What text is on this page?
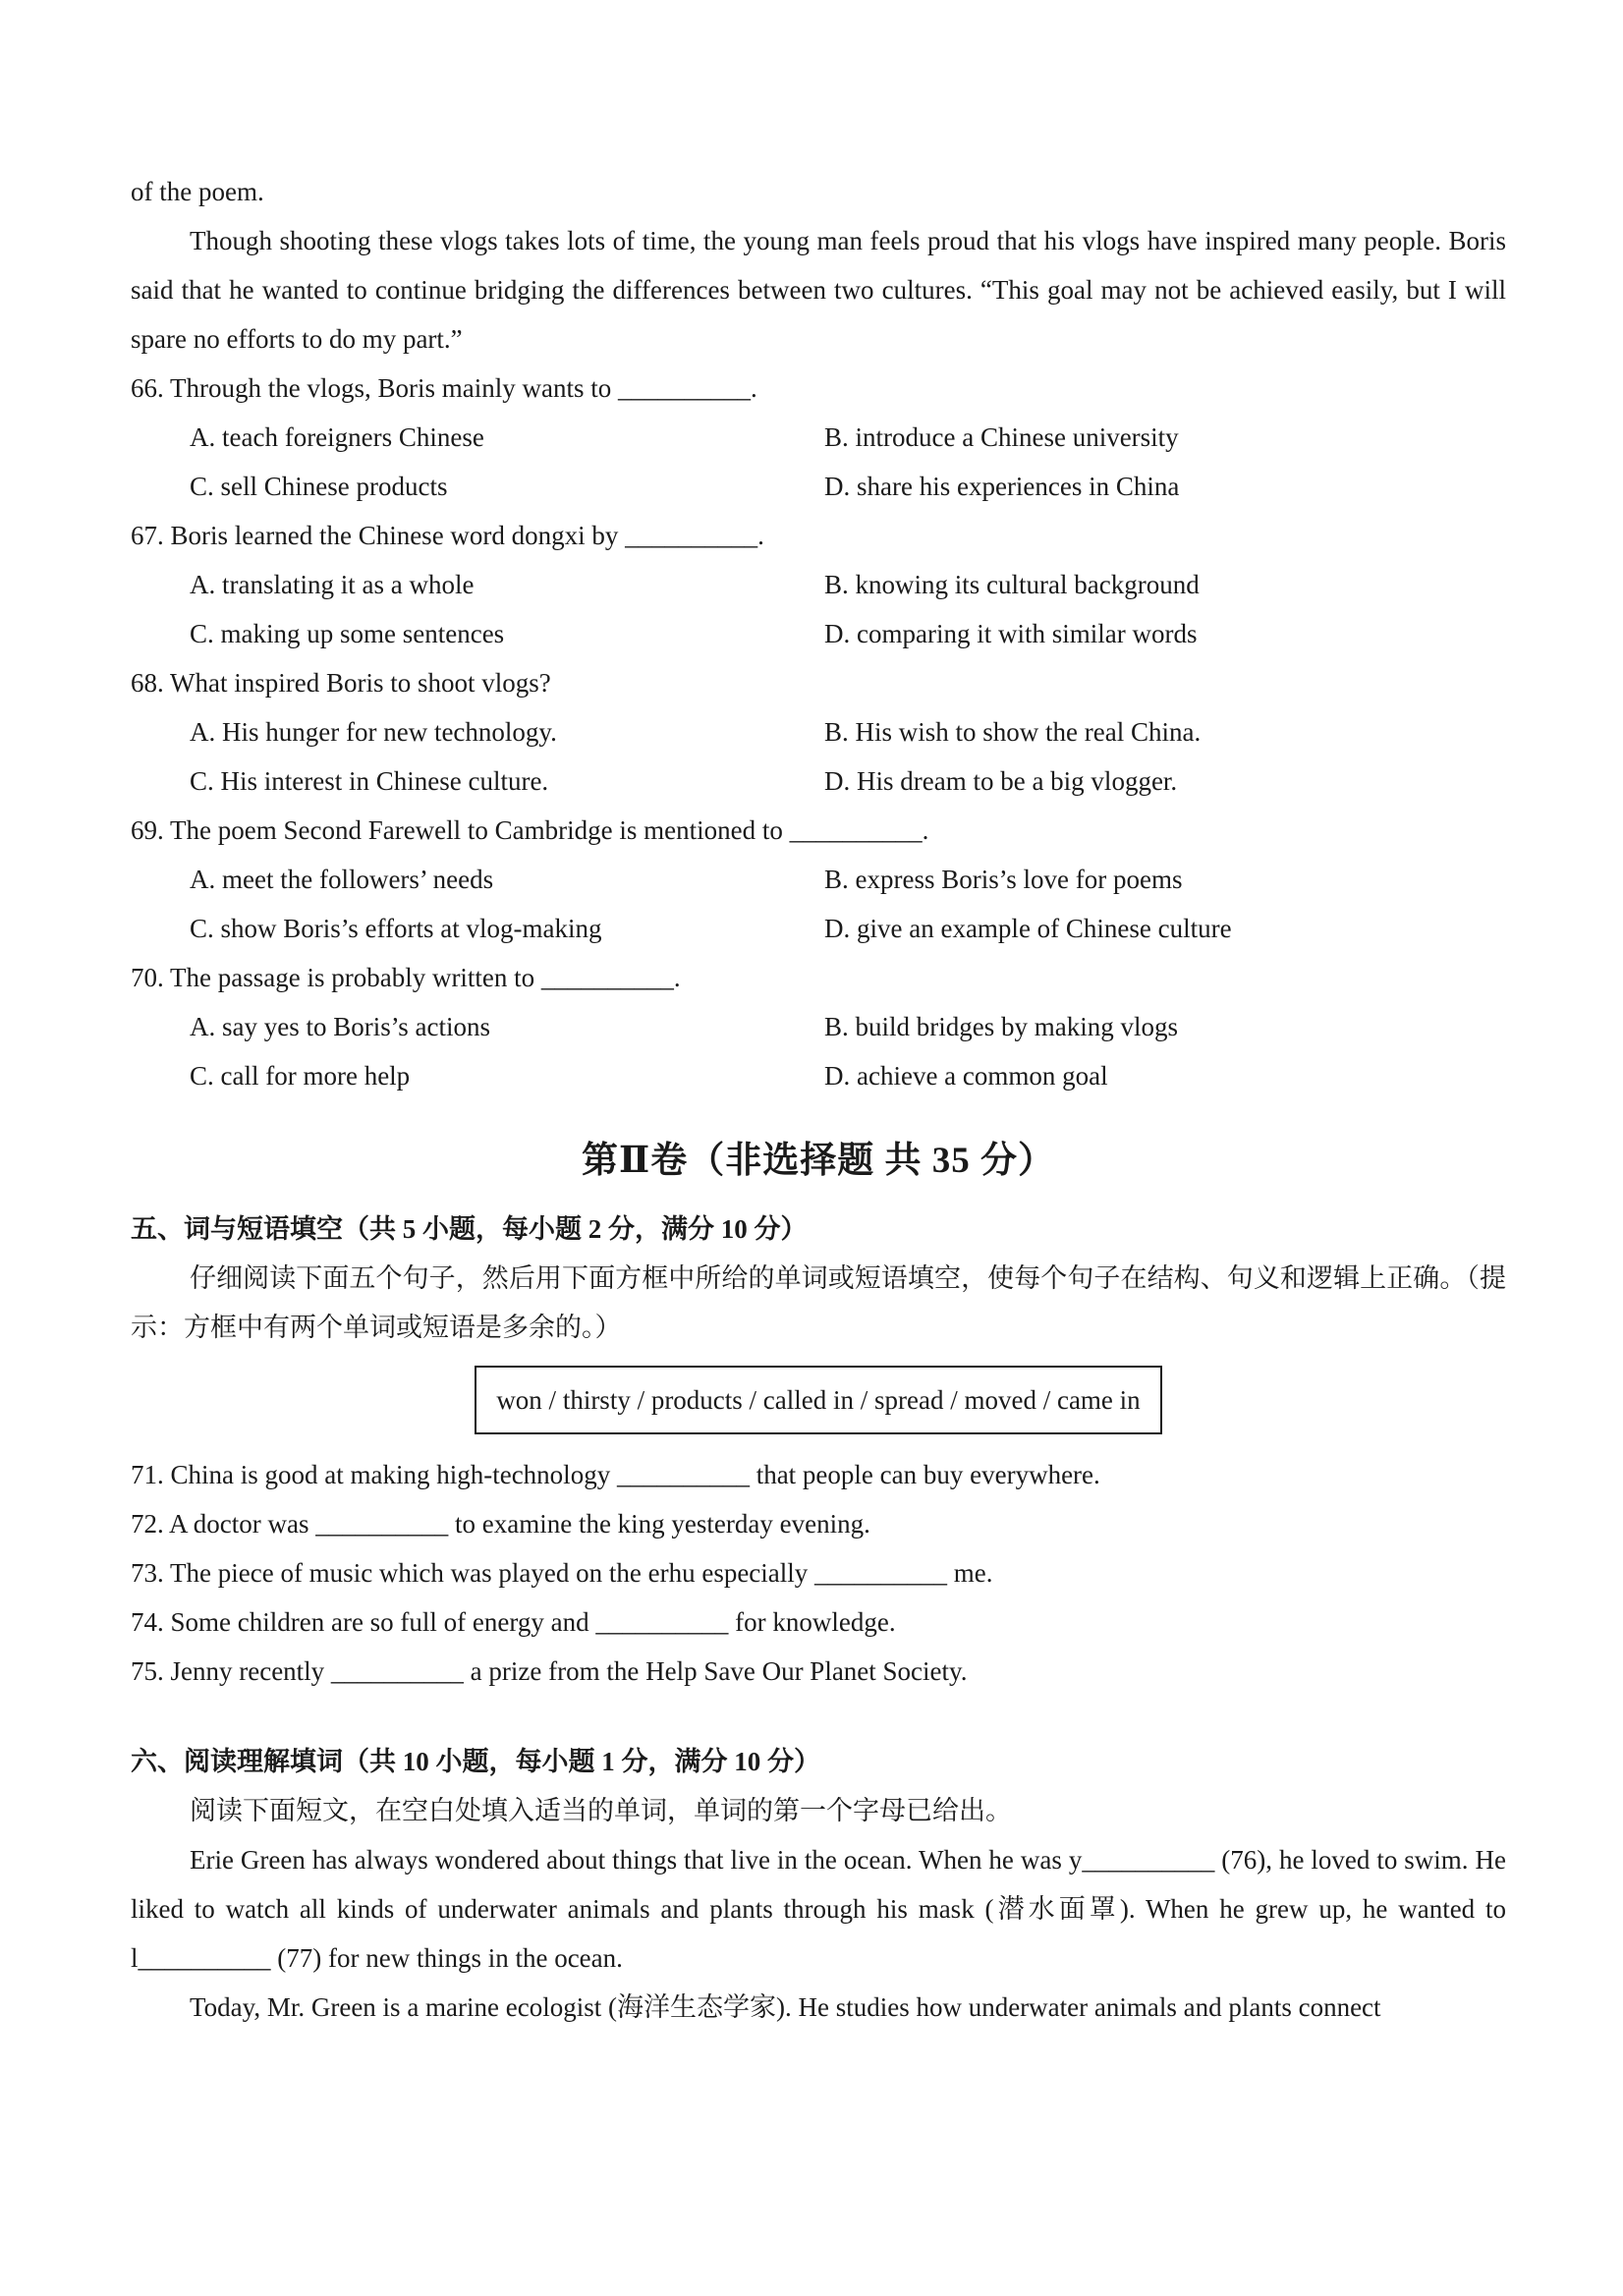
of the poem.

Though shooting these vlogs takes lots of time, the young man feels proud that his vlogs have inspired many people. Boris said that he wanted to continue bridging the differences between two cultures. “This goal may not be achieved easily, but I will spare no efforts to do my part.”

66. Through the vlogs, Boris mainly wants to __________.

A. teach foreigners Chinese	B. introduce a Chinese university
C. sell Chinese products	D. share his experiences in China

67. Boris learned the Chinese word dongxi by __________.

A. translating it as a whole	B. knowing its cultural background
C. making up some sentences	D. comparing it with similar words

68. What inspired Boris to shoot vlogs?

A. His hunger for new technology.	B. His wish to show the real China.
C. His interest in Chinese culture.	D. His dream to be a big vlogger.

69. The poem Second Farewell to Cambridge is mentioned to __________.

A. meet the followers’ needs	B. express Boris’s love for poems
C. show Boris’s efforts at vlog-making	D. give an example of Chinese culture

70. The passage is probably written to __________.

A. say yes to Boris’s actions	B. build bridges by making vlogs
C. call for more help	D. achieve a common goal
第Ⅱ卷（非选择题 共 35 分）

五、词与短语填空（共 5 小题，每小题 2 分，满分 10 分）

仔细阅读下面五个句子，然后用下面方框中所给的单词或短语填空，使每个句子在结构、句义和逻辑上正确。（提示：方框中有两个单词或短语是多余的。）

won / thirsty / products / called in / spread / moved / came in

71. China is good at making high-technology __________ that people can buy everywhere.

72. A doctor was __________ to examine the king yesterday evening.

73. The piece of music which was played on the erhu especially __________ me.

74. Some children are so full of energy and __________ for knowledge.

75. Jenny recently __________ a prize from the Help Save Our Planet Society.

六、阅读理解填词（共 10 小题，每小题 1 分，满分 10 分）

阅读下面短文，在空白处填入适当的单词，单词的第一个字母已给出。

Erie Green has always wondered about things that live in the ocean. When he was y__________ (76), he loved to swim. He liked to watch all kinds of underwater animals and plants through his mask (潜水面罩). When he grew up, he wanted to l__________ (77) for new things in the ocean.

Today, Mr. Green is a marine ecologist (海洋生态学家). He studies how underwater animals and plants connect
